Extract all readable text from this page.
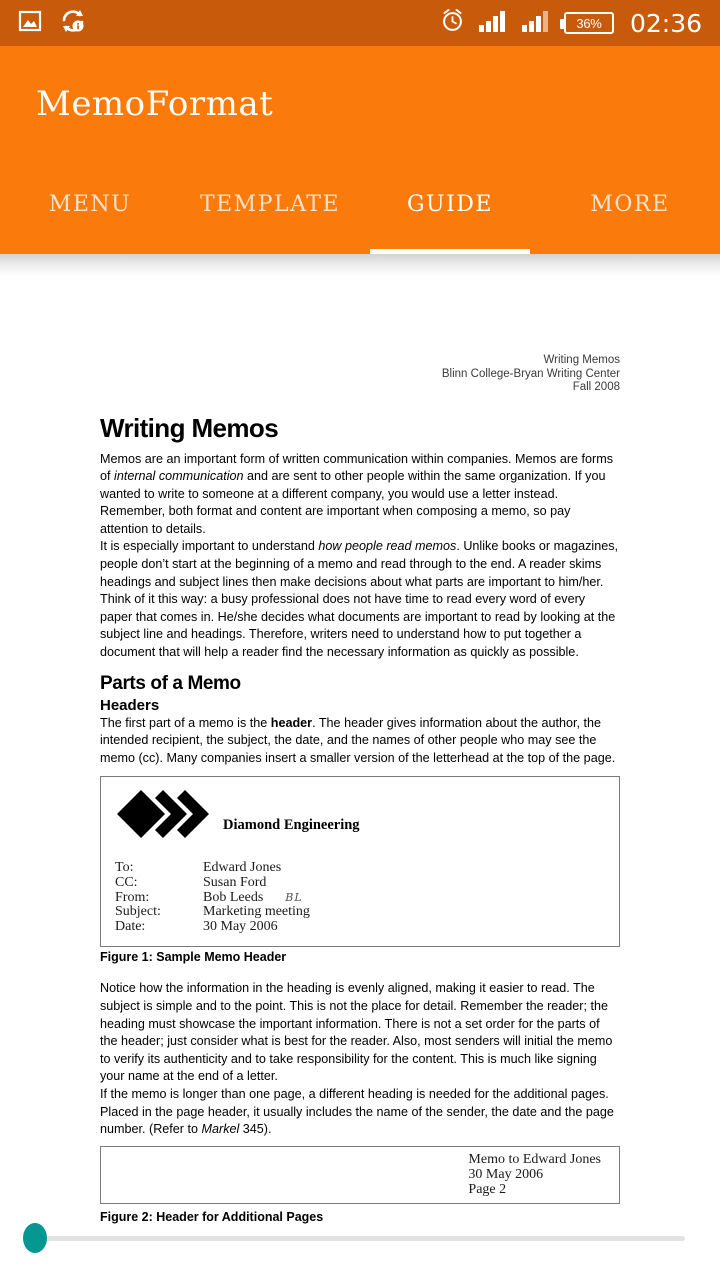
36% 02:36
MemoFormat
MENU	TEMPLATE	GUIDE	MORE
Writing Memos
Blinn College-Bryan Writing Center
Fall 2008
Writing Memos

Memos are an important form of written communication within companies. Memos are forms of internal communication and are sent to other people within the same organization. If you wanted to write to someone at a different company, you would use a letter instead. Remember, both format and content are important when composing a memo, so pay attention to details.

It is especially important to understand how people read memos. Unlike books or magazines, people don’t start at the beginning of a memo and read through to the end. A reader skims headings and subject lines then make decisions about what parts are important to him/her. Think of it this way: a busy professional does not have time to read every word of every paper that comes in. He/she decides what documents are important to read by looking at the subject line and headings. Therefore, writers need to understand how to put together a document that will help a reader find the necessary information as quickly as possible.

Parts of a Memo
Headers

The first part of a memo is the header. The header gives information about the author, the intended recipient, the subject, the date, and the names of other people who may see the memo (cc). Many companies insert a smaller version of the letterhead at the top of the page.

Diamond Engineering
To:	Edward Jones
CC:	Susan Ford
From:	Bob Leeds BL
Subject:	Marketing meeting
Date:	30 May 2006
Figure 1: Sample Memo Header

Notice how the information in the heading is evenly aligned, making it easier to read. The subject is simple and to the point. This is not the place for detail. Remember the reader; the heading must showcase the important information. There is not a set order for the parts of the header; just consider what is best for the reader. Also, most senders will initial the memo to verify its authenticity and to take responsibility for the content. This is much like signing your name at the end of a letter.

If the memo is longer than one page, a different heading is needed for the additional pages. Placed in the page header, it usually includes the name of the sender, the date and the page number. (Refer to Markel 345).

Memo to Edward Jones
30 May 2006
Page 2
Figure 2: Header for Additional Pages
